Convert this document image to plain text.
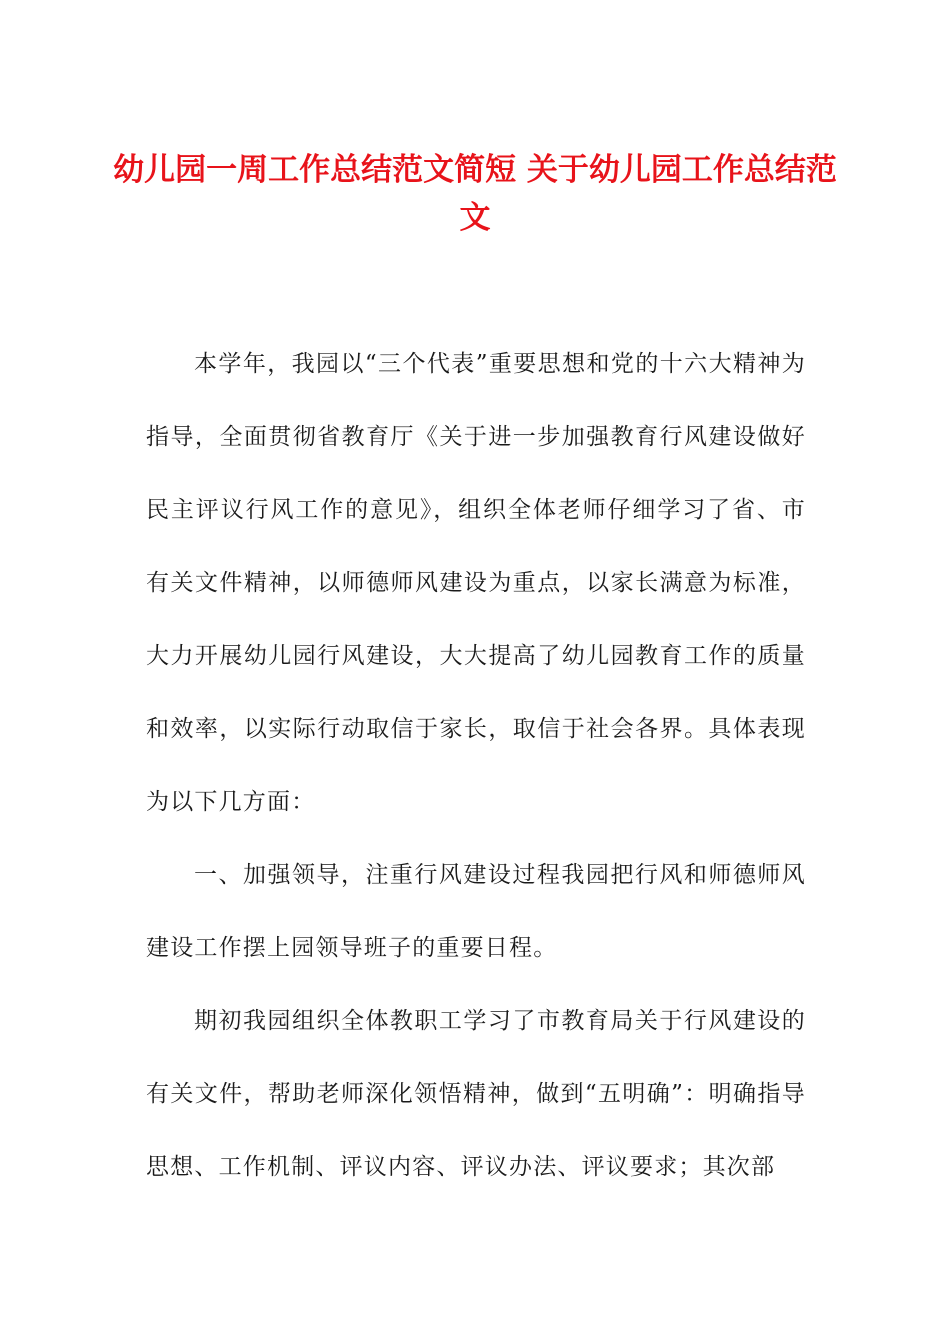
幼儿园一周工作总结范文简短 关于幼儿园工作总结范文

本学年，我园以“三个代表”重要思想和党的十六大精神为指导，全面贯彻省教育厅《关于进一步加强教育行风建设做好民主评议行风工作的意见》，组织全体老师仔细学习了省、市有关文件精神，以师德师风建设为重点，以家长满意为标准，大力开展幼儿园行风建设，大大提高了幼儿园教育工作的质量和效率，以实际行动取信于家长，取信于社会各界。具体表现为以下几方面：

一、加强领导，注重行风建设过程我园把行风和师德师风建设工作摆上园领导班子的重要日程。

期初我园组织全体教职工学习了市教育局关于行风建设的有关文件，帮助老师深化领悟精神，做到“五明确”：明确指导思想、工作机制、评议内容、评议办法、评议要求；其次部
